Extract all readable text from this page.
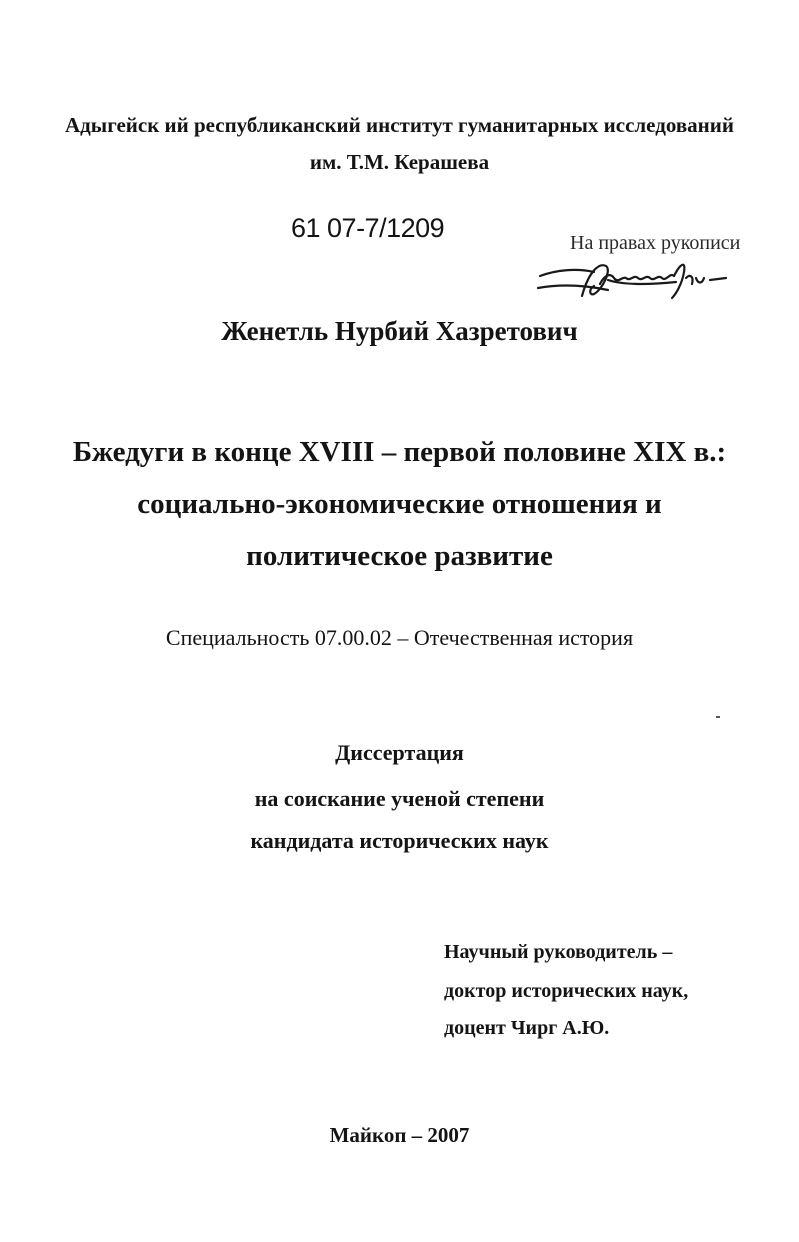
Адыгейск ий республиканский институт гуманитарных исследований
им. Т.М. Керашева
61 07-7/1209	На правах рукописи
Женетль Нурбий Хазретович
Бжедуги в конце XVIII – первой половине XIX в.:
социально-экономические отношения и
политическое развитие
Специальность 07.00.02 – Отечественная история
Диссертация
на соискание ученой степени
кандидата исторических наук
Научный руководитель –
доктор исторических наук,
доцент Чирг А.Ю.
Майкоп – 2007
